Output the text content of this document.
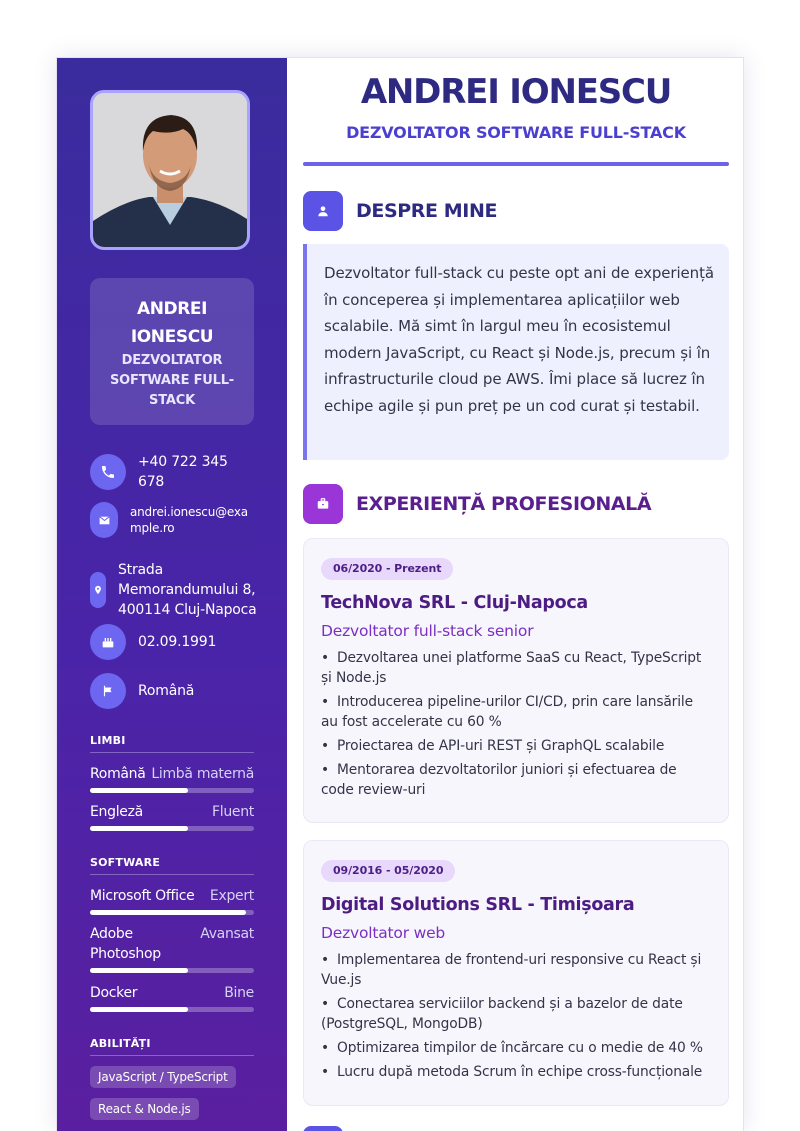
ANDREI IONESCU
DEZVOLTATOR SOFTWARE FULL-STACK
+40 722 345 678
andrei.ionescu@example.ro
Strada Memorandumului 8, 400114 Cluj-Napoca
02.09.1991
Română
LIMBI
Română Limbă maternă
Engleză	Fluent
SOFTWARE
Microsoft Office Expert
Adobe Photoshop
Avansat
Docker	Bine
ABILITĂȚI
JavaScript / TypeScript
React & Node.js
ANDREI IONESCU
DEZVOLTATOR SOFTWARE FULL-STACK
DESPRE MINE
Dezvoltator full-stack cu peste opt ani de experiență în conceperea și implementarea aplicațiilor web scalabile. Mă simt în largul meu în ecosistemul modern JavaScript, cu React și Node.js, precum și în infrastructurile cloud pe AWS. Îmi place să lucrez în echipe agile și pun preț pe un cod curat și testabil.
EXPERIENȚĂ PROFESIONALĂ
06/2020 - Prezent
TechNova SRL - Cluj-Napoca
Dezvoltator full-stack senior
• Dezvoltarea unei platforme SaaS cu React, TypeScript și Node.js
• Introducerea pipeline-urilor CI/CD, prin care lansările au fost accelerate cu 60 %
• Proiectarea de API-uri REST și GraphQL scalabile
• Mentorarea dezvoltatorilor juniori și efectuarea de code review-uri
09/2016 - 05/2020
Digital Solutions SRL - Timișoara
Dezvoltator web
• Implementarea de frontend-uri responsive cu React și Vue.js
• Conectarea serviciilor backend și a bazelor de date (PostgreSQL, MongoDB)
• Optimizarea timpilor de încărcare cu o medie de 40 %
• Lucru după metoda Scrum în echipe cross-funcționale
